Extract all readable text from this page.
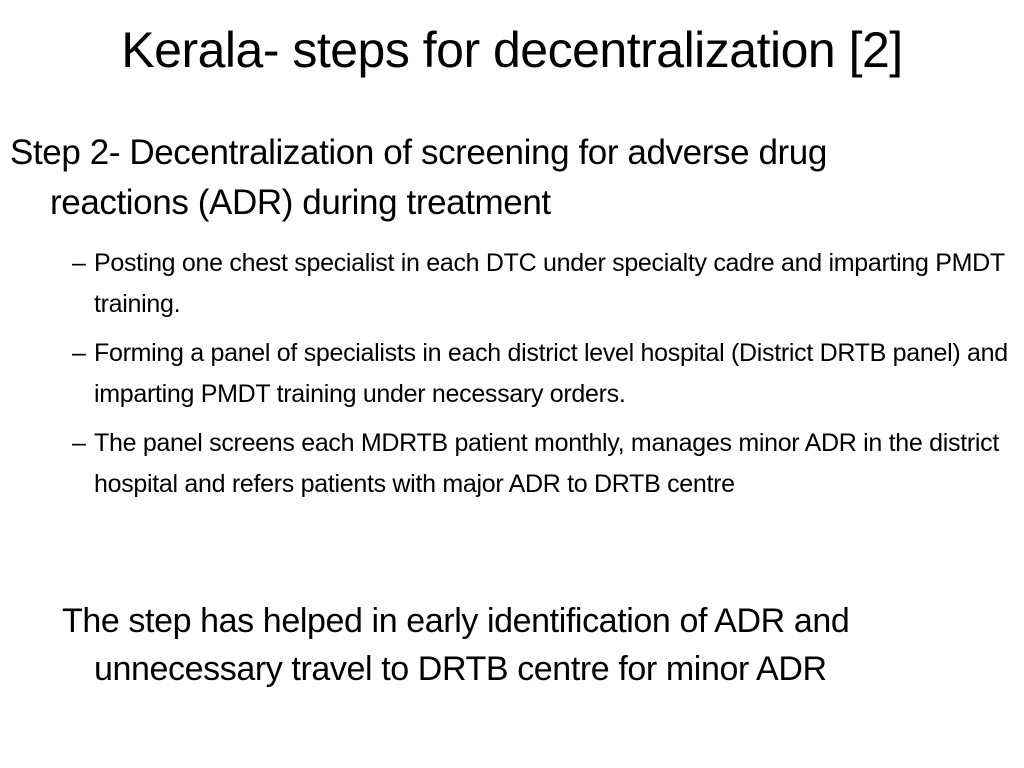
Kerala- steps for decentralization [2]
Step 2- Decentralization of screening for adverse drug
reactions (ADR) during treatment
– Posting one chest specialist in each DTC under specialty cadre and imparting PMDT training.
– Forming a panel of specialists in each district level hospital (District DRTB panel) and imparting PMDT training under necessary orders.
– The panel screens each MDRTB patient monthly, manages minor ADR in the district hospital and refers patients with major ADR to DRTB centre
The step has helped in early identification of ADR and
unnecessary travel to DRTB centre for minor ADR
